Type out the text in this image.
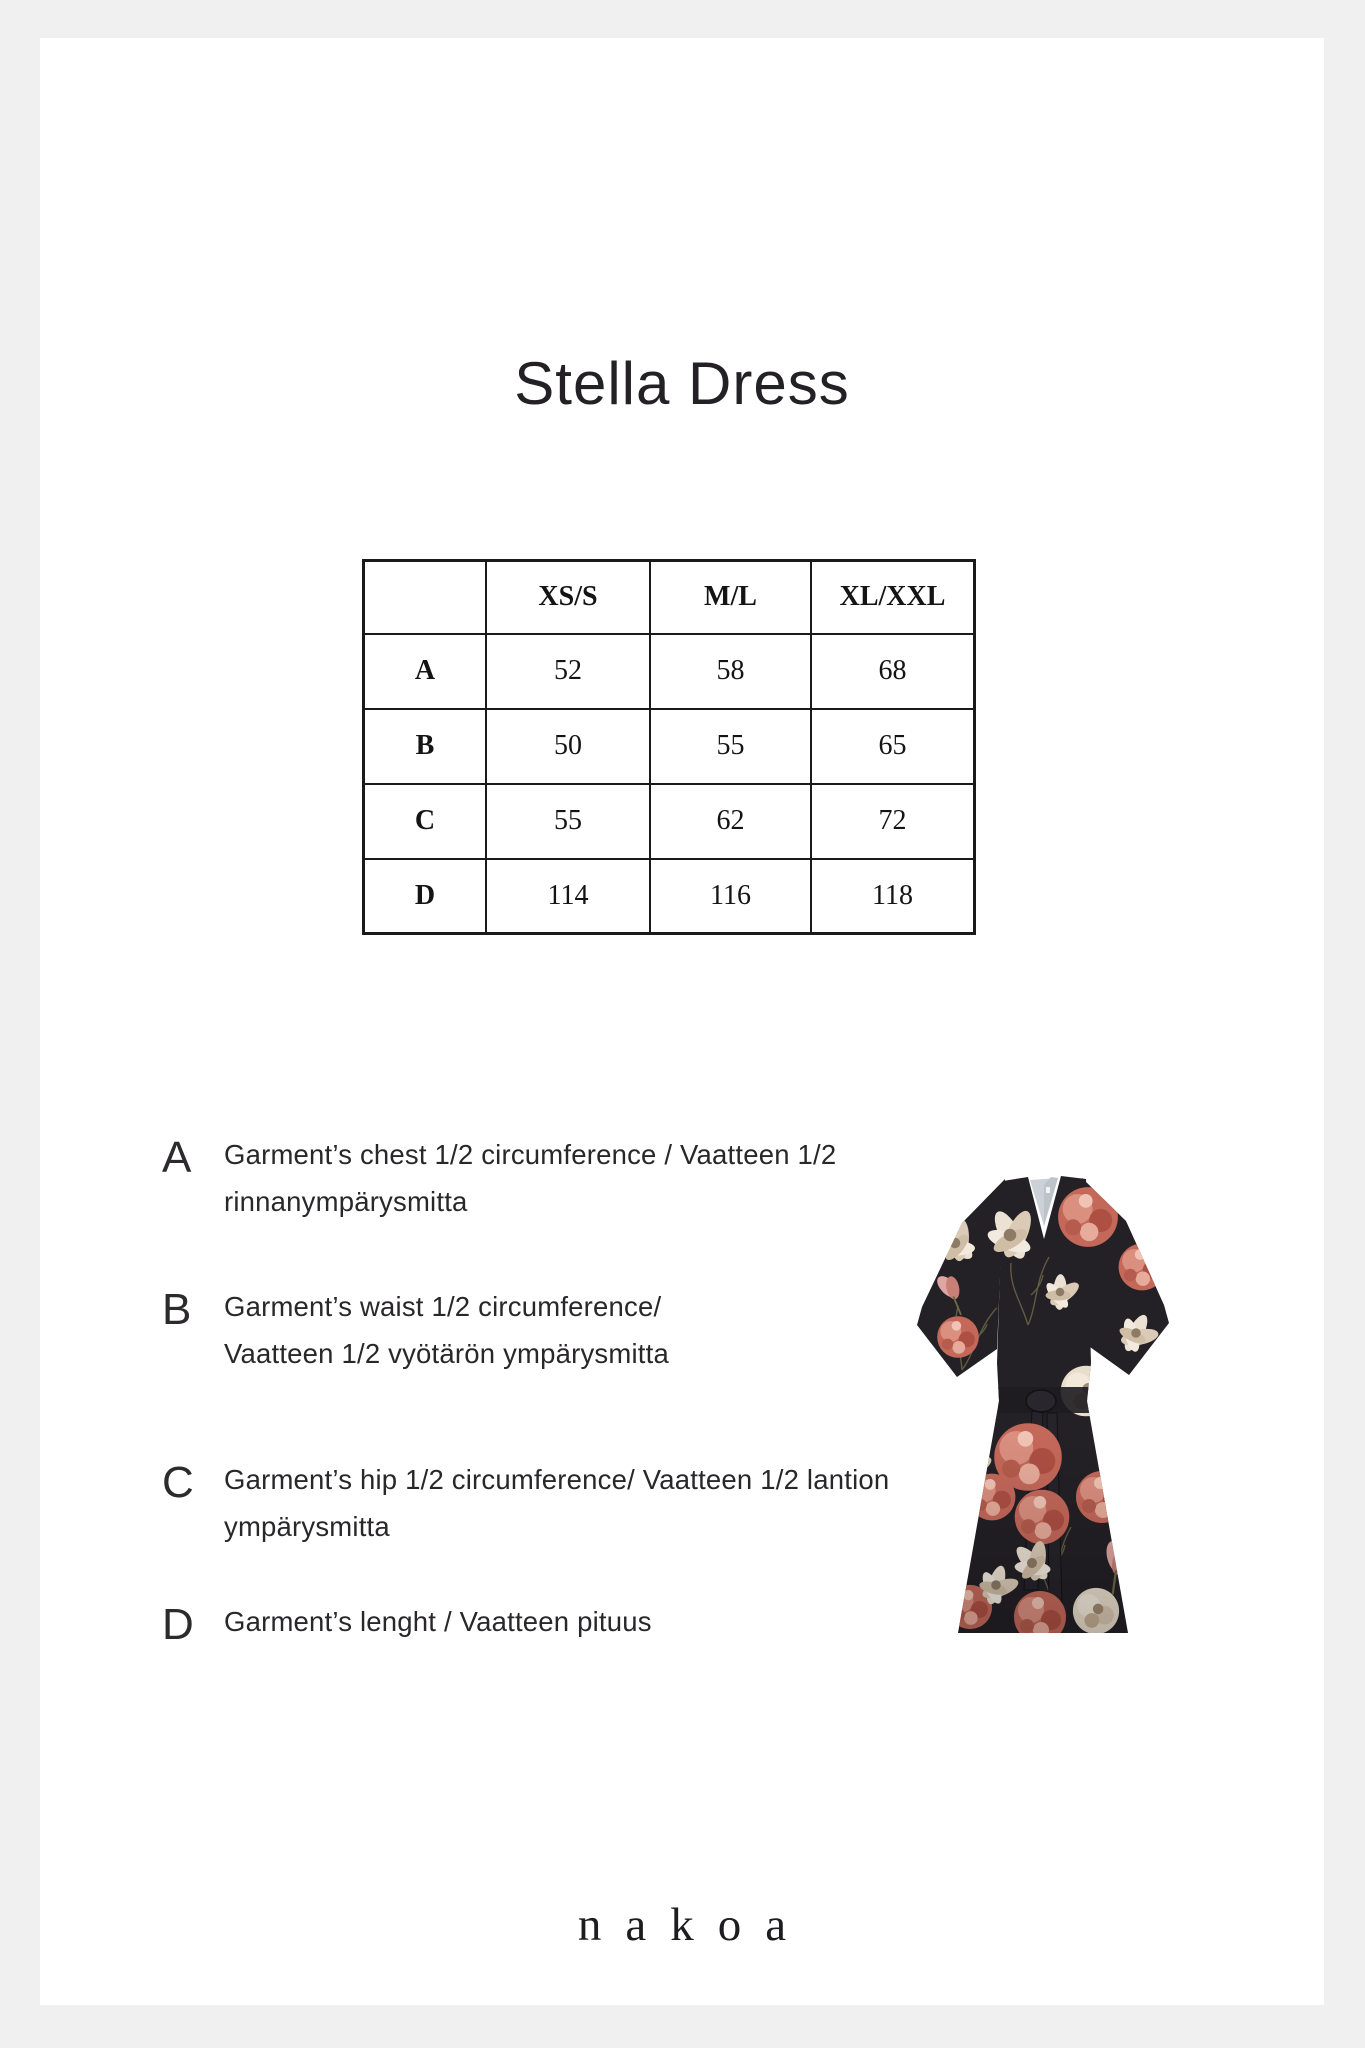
Stella Dress
	XS/S	M/L	XL/XXL
A	52	58	68
B	50	55	65
C	55	62	72
D	114	116	118
A	Garment’s chest 1/2 circumference / Vaatteen 1/2
rinnanympärysmitta
B	Garment’s waist 1/2 circumference/
Vaatteen 1/2 vyötärön ympärysmitta
C	Garment’s hip 1/2 circumference/ Vaatteen 1/2 lantion
ympärysmitta
D	Garment’s lenght / Vaatteen pituus
nakoa
